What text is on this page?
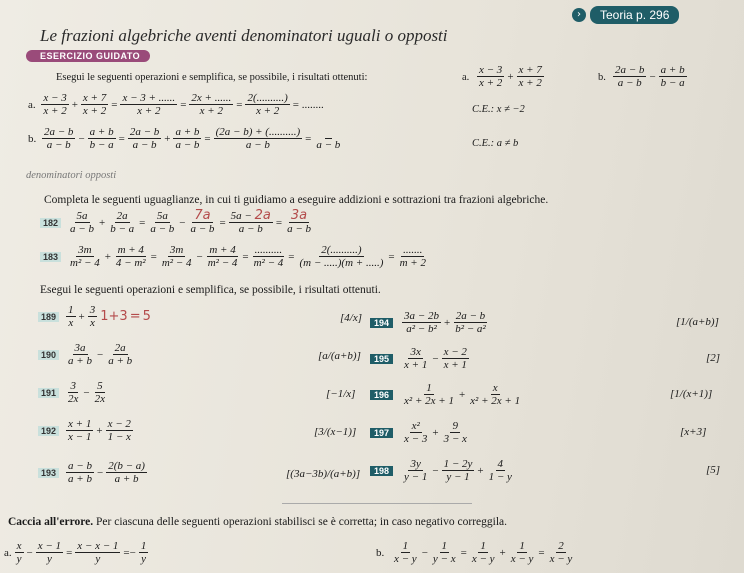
›	Teoria p. 296
Le frazioni algebriche aventi denominatori uguali o opposti
ESERCIZIO GUIDATO
Esegui le seguenti operazioni e semplifica, se possibile, i risultati ottenuti:	a. $\frac{x - 3}{x + 2} + \frac{x + 7}{x + 2}$	b. $\frac{2a - b}{a - b} - \frac{a + b}{b - a}$
a. $\frac{x - 3}{x + 2} + \frac{x + 7}{x + 2} = \frac{x - 3 + ......}{x + 2} = \frac{2x + ......}{x + 2} = \frac{2(..........)}{x + 2}$ = ........	C.E.: x ≠ −2
b. $\frac{2a - b}{a - b} - \frac{a + b}{b - a} = \frac{2a - b}{a - b} + \frac{a + b}{a - b} = \frac{(2a - b) + (..........)}{a - b}$ =

a − b	C.E.: a ≠ b
denominatori opposti
Completa le seguenti uguaglianze, in cui ti guidiamo a eseguire addizioni e sottrazioni tra frazioni algebriche.
$182 \frac{5a}{a - b} + \frac{2a}{b - a} = \frac{5a}{a - b} - \frac{7a}{a - b} = \frac{5a - 2a}{a - b} = \frac{3a}{a - b}$
$183 \frac{3m}{\text{m² − 4}} + \frac{m + 4}{\text{4 − m²}} = \frac{3m}{\text{m² − 4}} - \frac{m + 4}{\text{m² − 4}} = \frac{..........}{\text{m² − 4}} = \frac{2(..........)}{(m - .....)(m + .....)} = \frac{.......}{m + 2}$
Esegui le seguenti operazioni e semplifica, se possibile, i risultati ottenuti.
$189 \frac{1}{x} + \frac{3}{x} 1+3 = 5$	[4/x]
$190 \frac{3a}{a + b} - \frac{2a}{a + b}$	[a/(a+b)]
$191 \frac{3}{2x} - \frac{5}{2x}$	[−1/x]
$192 \frac{x + 1}{x - 1} + \frac{x - 2}{1 - x}$	[3/(x−1)]
$193 \frac{a - b}{a + b} - \frac{2(b - a)}{a + b}$	[(3a−3b)/(a+b)]
194	$\frac{3a - 2b}{\text{a² − b²}} + \frac{2a - b}{\text{b² − a²}}$	[1/(a+b)]
195	$\frac{3x}{x + 1} - \frac{x - 2}{x + 1}$	[2]
196	$\frac{1}{\text{x² + 2x + 1}} + \frac{x}{\text{x² + 2x + 1}}$	[1/(x+1)]
197	$\frac{\text{x²}}{x - 3} + \frac{9}{3 - x}$	[x+3]
198	$\frac{3y}{y - 1} - \frac{1 - 2y}{y - 1} + \frac{4}{1 - y}$	[5]
Caccia all'errore. Per ciascuna delle seguenti operazioni stabilisci se è corretta; in caso negativo correggila.
a. $\frac{x}{y} - \frac{x - 1}{y} = \frac{x - x - 1}{y} =- \frac{1}{y}$	b.
$\frac{1}{x - y} - \frac{1}{y - x} = \frac{1}{x - y} + \frac{1}{x - y} = \frac{2}{x - y}$
